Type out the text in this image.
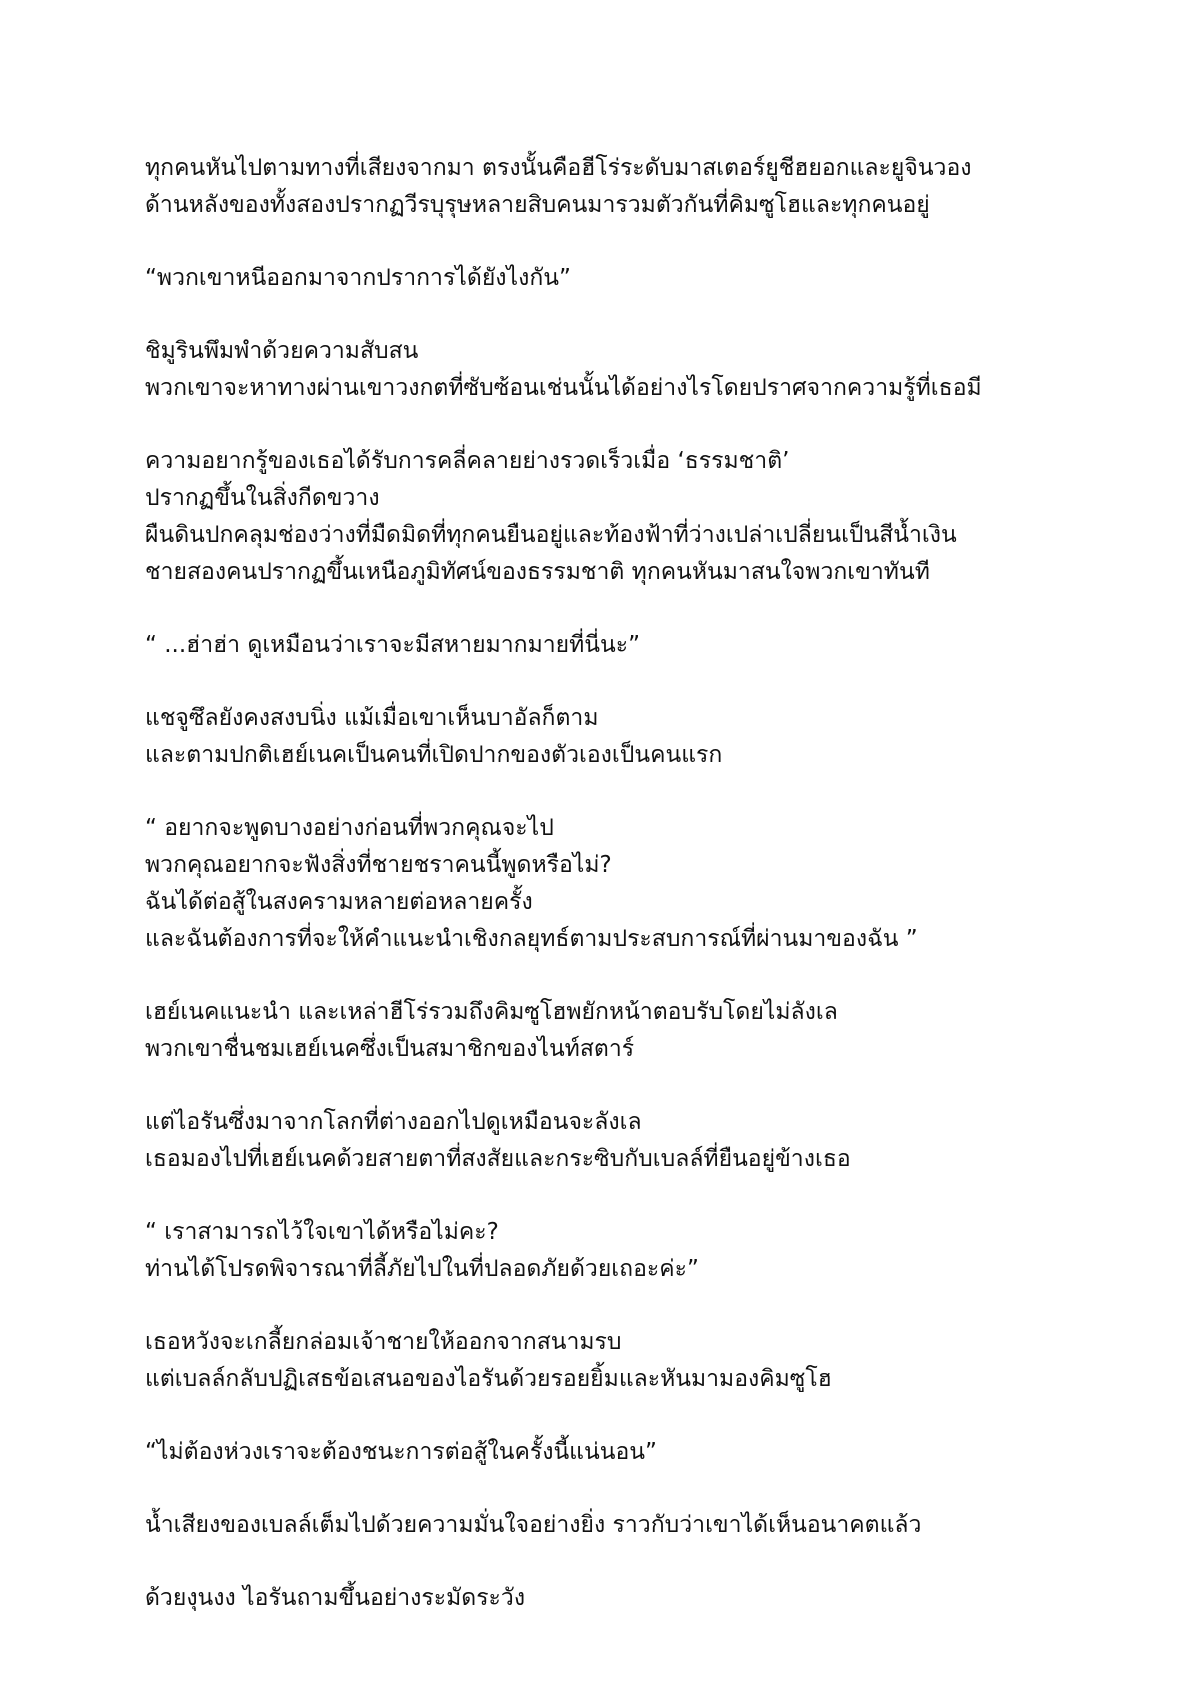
ทุกคนหันไปตามทางที่เสียงจากมา ตรงนั้นคือฮีโร่ระดับมาสเตอร์ยูชีฮยอกและยูจินวอง
ด้านหลังของทั้งสองปรากฏวีรบุรุษหลายสิบคนมารวมตัวกันที่คิมซูโฮและทุกคนอยู่
“พวกเขาหนีออกมาจากปราการได้ยังไงกัน”
ชิมูรินพึมพำด้วยความสับสน
พวกเขาจะหาทางผ่านเขาวงกตที่ซับซ้อนเช่นนั้นได้อย่างไรโดยปราศจากความรู้ที่เธอมี
ความอยากรู้ของเธอได้รับการคลี่คลายย่างรวดเร็วเมื่อ ‘ธรรมชาติ’
ปรากฏขึ้นในสิ่งกีดขวาง
ผืนดินปกคลุมช่องว่างที่มืดมิดที่ทุกคนยืนอยู่และท้องฟ้าที่ว่างเปล่าเปลี่ยนเป็นสีน้ำเงิน
ชายสองคนปรากฏขึ้นเหนือภูมิทัศน์ของธรรมชาติ ทุกคนหันมาสนใจพวกเขาทันที
“ ...ฮ่าฮ่า ดูเหมือนว่าเราจะมีสหายมากมายที่นี่นะ”
แชจูซึลยังคงสงบนิ่ง แม้เมื่อเขาเห็นบาอัลก็ตาม
และตามปกติเฮย์เนคเป็นคนที่เปิดปากของตัวเองเป็นคนแรก
“ อยากจะพูดบางอย่างก่อนที่พวกคุณจะไป
พวกคุณอยากจะฟังสิ่งที่ชายชราคนนี้พูดหรือไม่?
ฉันได้ต่อสู้ในสงครามหลายต่อหลายครั้ง
และฉันต้องการที่จะให้คำแนะนำเชิงกลยุทธ์ตามประสบการณ์ที่ผ่านมาของฉัน ”
เฮย์เนคแนะนำ และเหล่าฮีโร่รวมถึงคิมซูโฮพยักหน้าตอบรับโดยไม่ลังเล
พวกเขาชื่นชมเฮย์เนคซึ่งเป็นสมาชิกของไนท์สตาร์
แต่ไอรันซึ่งมาจากโลกที่ต่างออกไปดูเหมือนจะลังเล
เธอมองไปที่เฮย์เนคด้วยสายตาที่สงสัยและกระซิบกับเบลล์ที่ยืนอยู่ข้างเธอ
“ เราสามารถไว้ใจเขาได้หรือไม่คะ?
ท่านได้โปรดพิจารณาที่ลี้ภัยไปในที่ปลอดภัยด้วยเถอะค่ะ”
เธอหวังจะเกลี้ยกล่อมเจ้าชายให้ออกจากสนามรบ
แต่เบลล์กลับปฏิเสธข้อเสนอของไอรันด้วยรอยยิ้มและหันมามองคิมซูโฮ
“ไม่ต้องห่วงเราจะต้องชนะการต่อสู้ในครั้งนี้แน่นอน”
น้ำเสียงของเบลล์เต็มไปด้วยความมั่นใจอย่างยิ่ง ราวกับว่าเขาได้เห็นอนาคตแล้ว
ด้วยงุนงง ไอรันถามขึ้นอย่างระมัดระวัง
